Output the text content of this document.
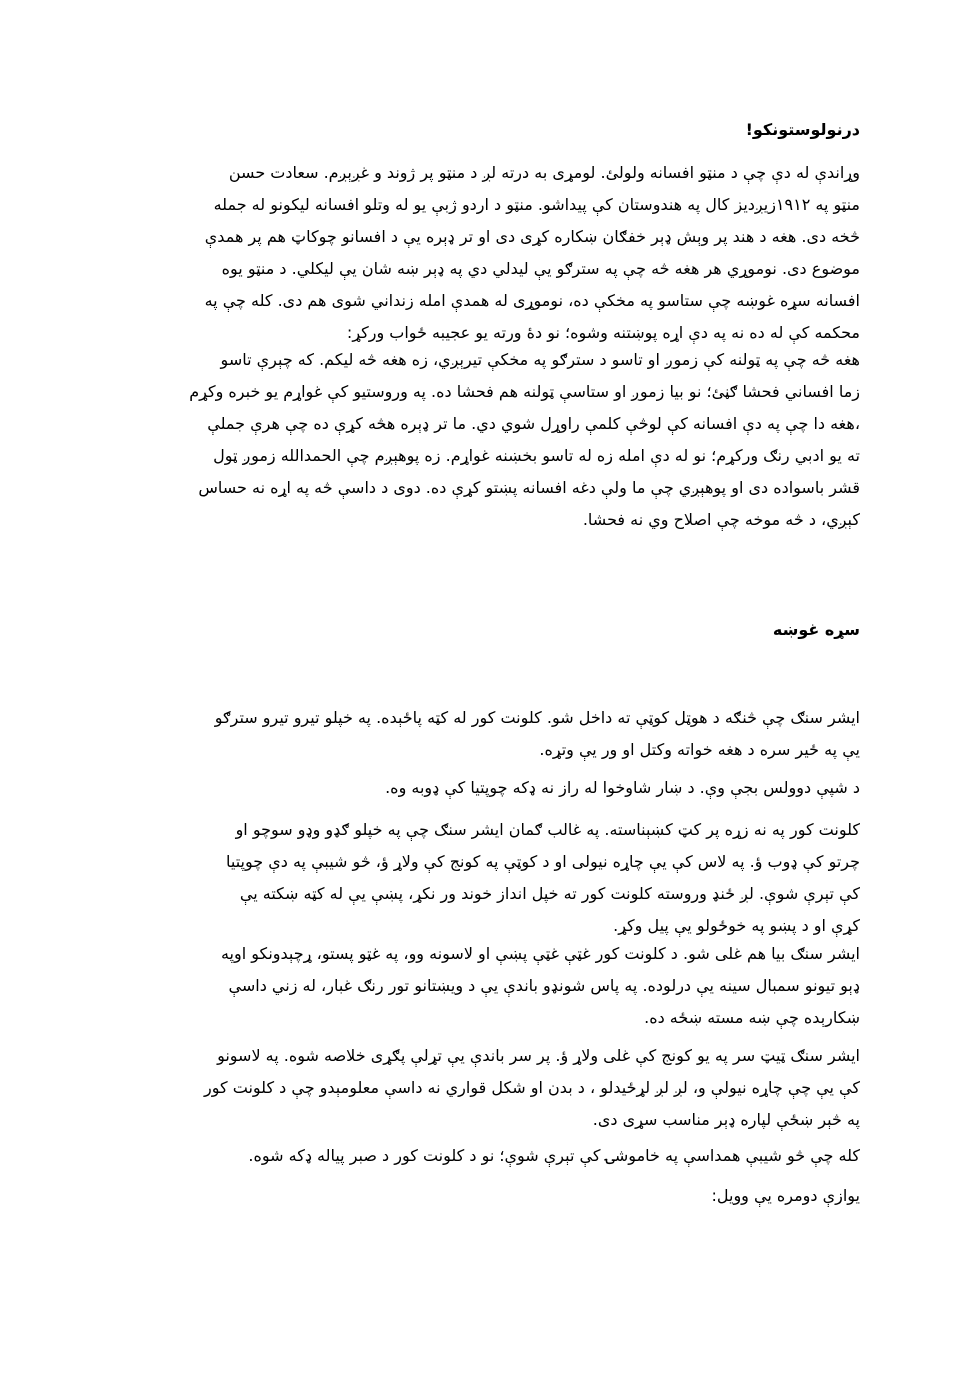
درنولوستونکو!
وړاندې له دې چې د منټو افسانه ولولئ. لومړی به درته لږ د منټو پر ژوند و غږېږم. سعادت حسن
منټو په ۱۹۱۲زیږدیز کال په هندوستان کې پیداشو. منټو د اردو ژبې یو له وتلو افسانه لیکونو له جمله
څخه دی. هغه د هند پر وېش ډېر خفګان ښکاره کړی دی او تر ډېره یې د افسانو چوکاټ هم پر همدې
موضوع دی. نوموړي هر هغه څه چې په سترګو یې لیدلي دي په ډېر ښه شان یې لیکلي. د منټو یوه
افسانه سړه غوښه چې ستاسو په مخکې ده، نوموړی له همدې امله زنداني شوی هم دی. کله چې په
محکمه کې له ده نه په دې اړه پوښتنه وشوه؛ نو دهٔ ورته یو عجیبه ځواب ورکړ:
هغه څه چې په ټولنه کې زموږ او تاسو د سترګو په مخکې تیرېږي، زه هغه څه لیکم. که چېرې تاسو
زما افساني فحشا ګڼئ؛ نو بیا زموږ او ستاسې ټولنه هم فحشا ده. په وروستیو کې غواړم یو خبره وکړم
،هغه دا چې په دې افسانه کې لوڅې کلمې راوړل شوي دي. ما تر ډېره هڅه کړې ده چې هرې جملې
ته یو ادبي رنګ ورکړم؛ نو له دې امله زه له تاسو بخښنه غواړم. زه پوهېږم چې الحمدالله زموږ ټول
قشر باسواده دی او پوهېږي چې ما ولې دغه افسانه پښتو کړې ده. دوی د داسې څه په اړه نه حساس
کېږي، د څه موخه چې اصلاح وي نه فحشا.
سړه غوښه
ایشر سنګ چې څنګه د هوټل کوټې ته داخل شو. کلونت کور له کټه پاځېده. په خپلو تیرو تیرو سترګو
یې په ځیر سره د هغه خواته وکتل او ور یې وتړه.
د شپې دوولس بجې وې. د ښار شاوخوا له راز نه ډکه چوپتیا کې ډوبه وه.
کلونت کور په نه زړه پر کټ کښېناسته. په غالب ګمان ایشر سنګ چې په خپلو ګډو وډو سوچو او
چرتو کې ډوب ؤ. په لاس کې یې چاړه نیولی او د کوټې په کونج کې ولاړ ؤ، څو شیبې په دې چوپتیا
کې تېرې شوې. لږ ځنډ وروسته کلونت کور ته خپل انداز خوند ور نکړ، پښې یې له کټه ښکته یې
کړې او د پښو په خوځولو یې پیل وکړ.
ایشر سنګ بیا هم غلی شو. د کلونت کور غټې غټې پښې او لاسونه وو، په غټو پستو، ړچېدونکو اوپه
ډېو تیونو سمبال سینه یې درلوده. په پاس شونډو باندې یې د ویښتانو تور رنګ غبار، له زني داسې
ښکارېده چې ښه مسته ښځه ده.
ایشر سنګ ټیټ سر په یو کونج کې غلی ولاړ ؤ. پر سر باندې یې تړلې پګړی خلاصه شوه. په لاسونو
کې یې چې چاړه نیولې و، لږ لږ لړځیدلو ، د بدن او شکل قواري نه داسې معلومېدو چې د کلونت کور
په څېر ښځې لپاره ډېر مناسب سړی دی.
کله چې څو شیبې همداسې په خاموشۍ کې تېرې شوې؛ نو د کلونت کور د صبر پیاله ډکه شوه.
یوازې دومره یې وویل:
